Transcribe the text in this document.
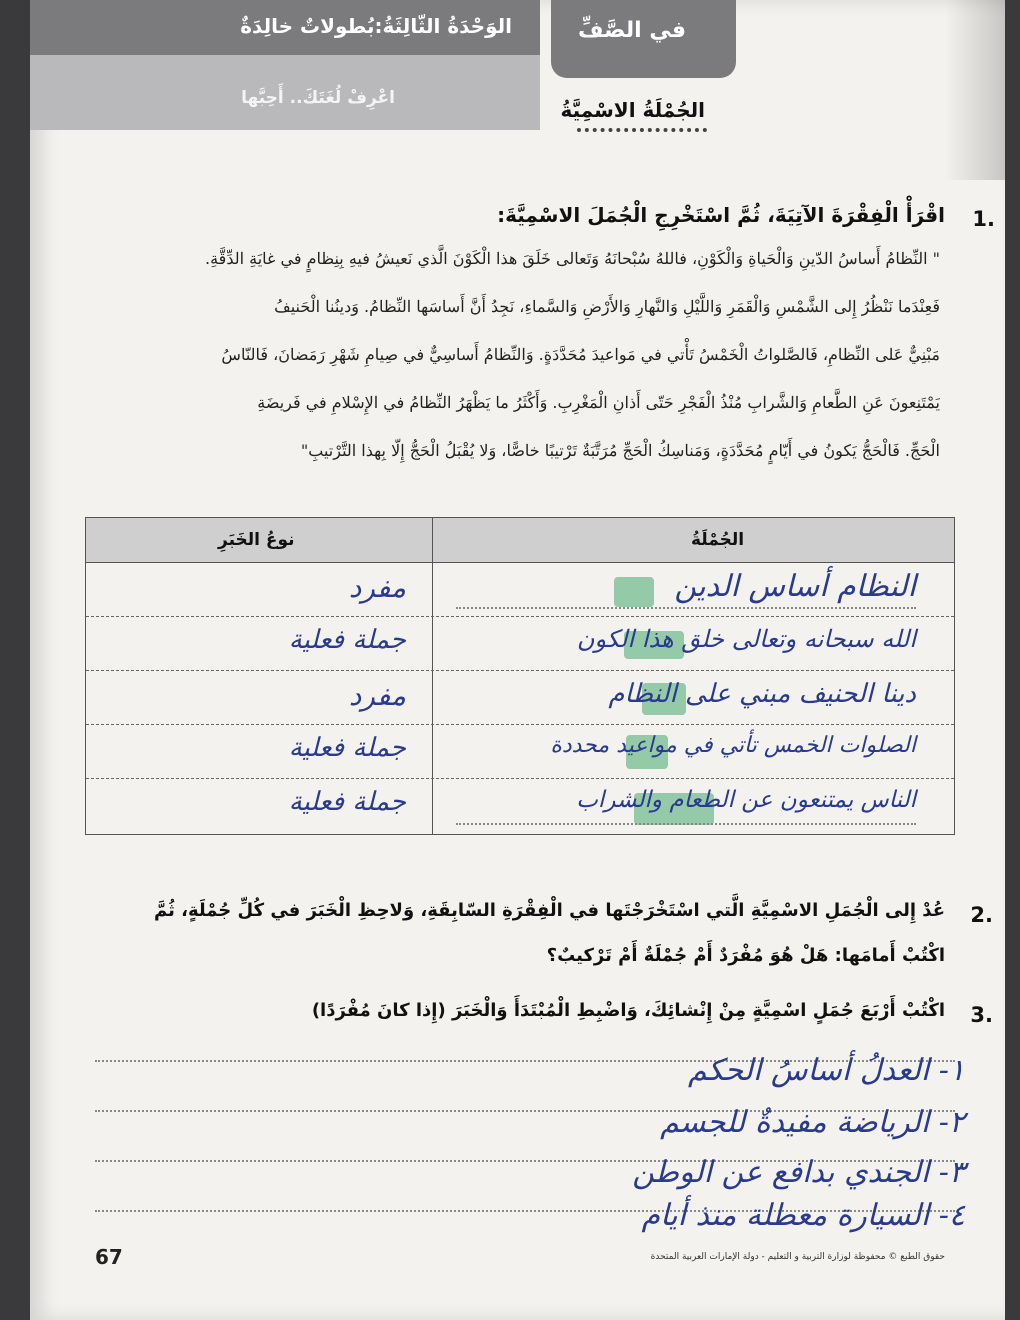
الوَحْدَةُ الثّالِثَةُ:بُطولاتٌ خالِدَةٌ
اعْرِفْ لُغَتَكَ.. أَحِبَّها
في الصَّفِّ
الجُمْلَةُ الاسْمِيَّةُ
1.
اقْرَأْ الْفِقْرَةَ الآتِيَةَ، ثُمَّ اسْتَخْرِجِ الْجُمَلَ الاسْمِيَّةَ:
" النِّظامُ أَساسُ الدّينِ وَالْحَياةِ وَالْكَوْنِ، فاللهُ سُبْحانَهُ وَتَعالى خَلَقَ هذا الْكَوْنَ الَّذي نَعيشُ فيهِ بِنِظامٍ في غايَةِ الدِّقَّةِ.
فَعِنْدَما نَنْظُرُ إِلى الشَّمْسِ وَالْقَمَرِ وَاللَّيْلِ وَالنَّهارِ وَالأَرْضِ وَالسَّماءِ، نَجِدُ أَنَّ أَساسَها النِّظامُ. وَدينُنا الْحَنيفُ
مَبْنِيٌّ عَلى النِّظامِ، فَالصَّلواتُ الْخَمْسُ تَأْتي في مَواعيدَ مُحَدَّدَةٍ. وَالنِّظامُ أَساسِيٌّ في صِيامِ شَهْرِ رَمَضانَ، فَالنّاسُ
يَمْتَنِعونَ عَنِ الطَّعامِ وَالشَّرابِ مُنْذُ الْفَجْرِ حَتّى أَذانِ الْمَغْرِبِ. وَأَكْثَرُ ما يَظْهَرُ النِّظامُ في الإِسْلامِ في فَريضَةِ
الْحَجِّ. فَالْحَجُّ يَكونُ في أَيّامٍ مُحَدَّدَةٍ، وَمَناسِكُ الْحَجِّ مُرَتَّبَةٌ تَرْتيبًا خاصًّا، وَلا يُقْبَلُ الْحَجُّ إِلّا بِهذا التَّرْتيبِ"
نوعُ الخَبَرِ	الجُمْلَةُ
النظام أساس الدين
مفرد
الله سبحانه وتعالى خلق هذا الكون
جملة فعلية
دينا الحنيف مبني على النظام
مفرد
الصلوات الخمس تأتي في مواعيد محددة
جملة فعلية
الناس يمتنعون عن الطعام والشراب
جملة فعلية
2.
عُدْ إِلى الْجُمَلِ الاسْمِيَّةِ الَّتي اسْتَخْرَجْتَها في الْفِقْرَةِ السّابِقَةِ، وَلاحِظِ الْخَبَرَ في كُلِّ جُمْلَةٍ، ثُمَّ
اكْتُبْ أَمامَها: هَلْ هُوَ مُفْرَدٌ أَمْ جُمْلَةٌ أَمْ تَرْكيبٌ؟
3.
اكْتُبْ أَرْبَعَ جُمَلٍ اسْمِيَّةٍ مِنْ إِنْشائِكَ، وَاضْبِطِ الْمُبْتَدَأَ وَالْخَبَرَ (إِذا كانَ مُفْرَدًا)
١- العدلُ أساسُ الحكم
٢- الرياضة مفيدةٌ للجسم
٣- الجندي بدافع عن الوطن
٤- السيارة معطلة منذ أيام
67	حقوق الطبع © محفوظة لوزارة التربية و التعليم - دولة الإمارات العربية المتحدة
